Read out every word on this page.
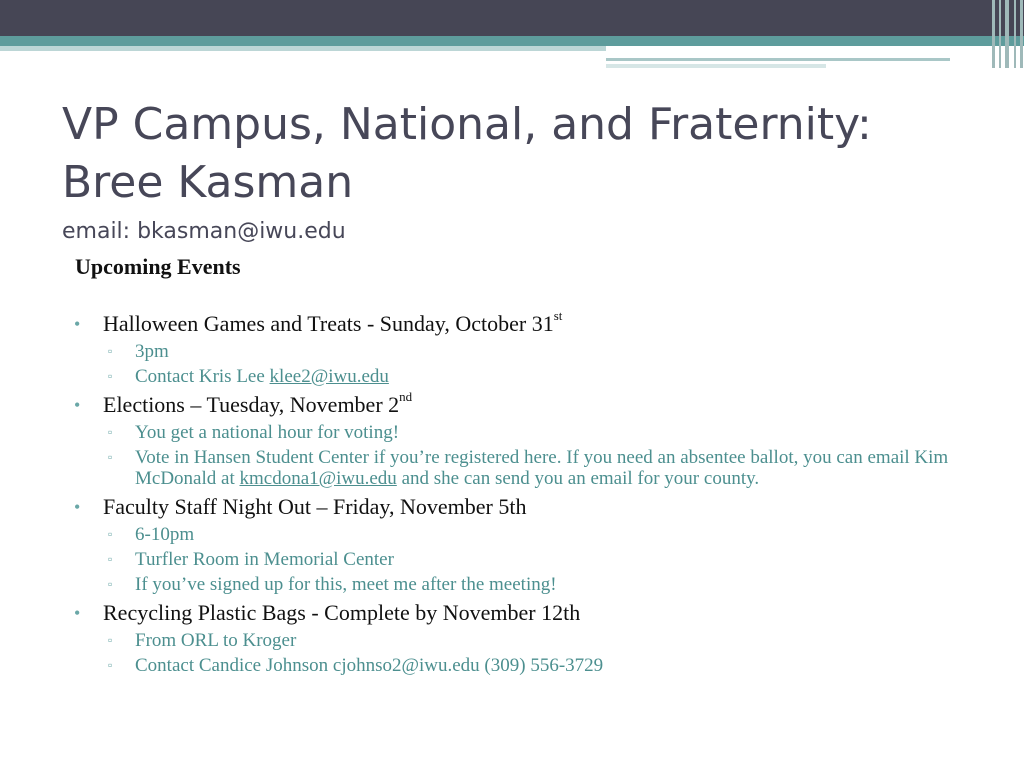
VP Campus, National, and Fraternity:
Bree Kasman
email: bkasman@iwu.edu
Upcoming Events
• Halloween Games and Treats - Sunday, October 31st
▫ 3pm
▫ Contact Kris Lee klee2@iwu.edu
• Elections – Tuesday, November 2nd
▫ You get a national hour for voting!
▫ Vote in Hansen Student Center if you’re registered here. If you need an absentee ballot, you can email Kim McDonald at kmcdona1@iwu.edu and she can send you an email for your county.
• Faculty Staff Night Out – Friday, November 5th
▫ 6-10pm
▫ Turfler Room in Memorial Center
▫ If you’ve signed up for this, meet me after the meeting!
• Recycling Plastic Bags - Complete by November 12th
▫ From ORL to Kroger
▫ Contact Candice Johnson cjohnso2@iwu.edu (309) 556-3729
